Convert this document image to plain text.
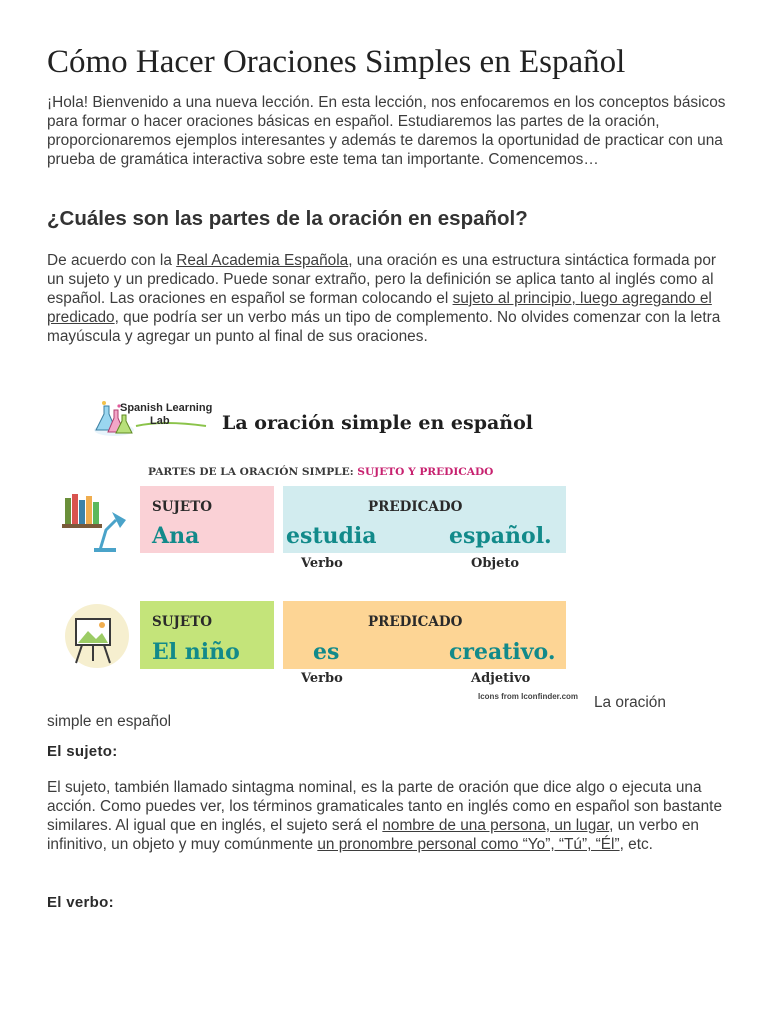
Cómo Hacer Oraciones Simples en Español

¡Hola! Bienvenido a una nueva lección. En esta lección, nos enfocaremos en los conceptos básicos para formar o hacer oraciones básicas en español. Estudiaremos las partes de la oración, proporcionaremos ejemplos interesantes y además te daremos la oportunidad de practicar con una prueba de gramática interactiva sobre este tema tan importante. Comencemos…

¿Cuáles son las partes de la oración en español?

De acuerdo con la Real Academia Española, una oración es una estructura sintáctica formada por un sujeto y un predicado. Puede sonar extraño, pero la definición se aplica tanto al inglés como al español. Las oraciones en español se forman colocando el sujeto al principio, luego agregando el predicado, que podría ser un verbo más un tipo de complemento. No olvides comenzar con la letra mayúscula y agregar un punto al final de sus oraciones.

Spanish Learning
Lab	La oración simple en español
PARTES DE LA ORACIÓN SIMPLE: SUJETO Y PREDICADO
SUJETO
Ana
PREDICADO
estudia	español.
Verbo	Objeto
SUJETO
El niño
PREDICADO
es	creativo.
Verbo	Adjetivo
Icons from Iconfinder.com La oración
simple en español
El sujeto:

El sujeto, también llamado sintagma nominal, es la parte de oración que dice algo o ejecuta una acción. Como puedes ver, los términos gramaticales tanto en inglés como en español son bastante similares. Al igual que en inglés, el sujeto será el nombre de una persona, un lugar, un verbo en infinitivo, un objeto y muy comúnmente un pronombre personal como “Yo”, “Tú”, “Él”, etc.

El verbo:
